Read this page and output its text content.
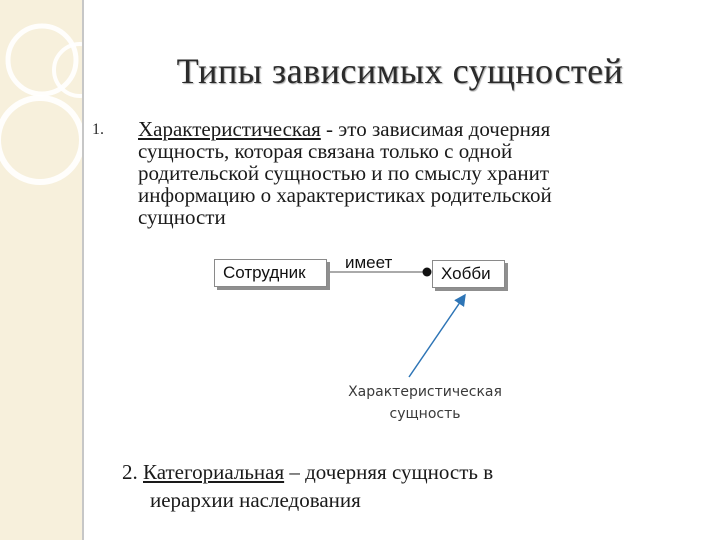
Типы зависимых сущностей
1. Характеристическая - это зависимая дочерняя сущность, которая связана только с одной родительской сущностью и по смыслу хранит информацию о характеристиках родительской сущности
Сотрудник
имеет
Хобби
Характеристическая
сущность
2. Категориальная – дочерняя сущность в
иерархии наследования
